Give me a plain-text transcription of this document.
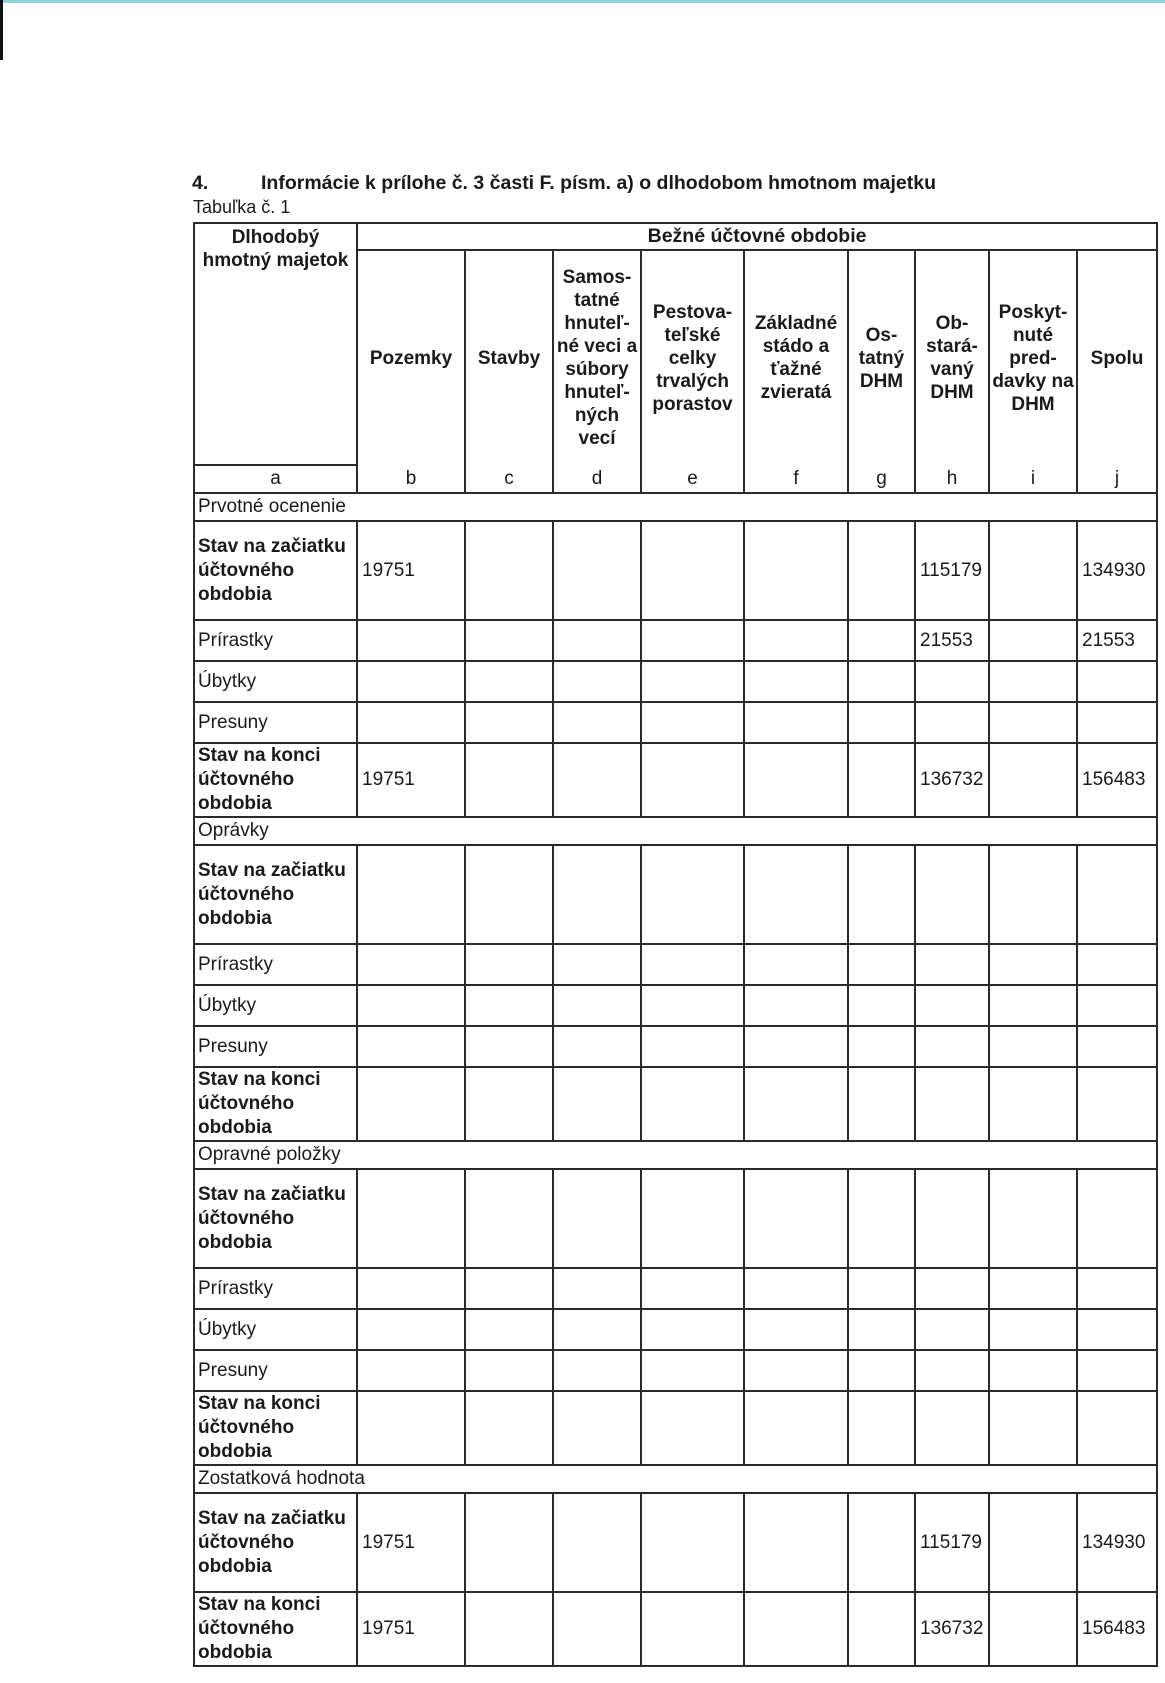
4.	Informácie k prílohe č. 3 časti F. písm. a) o dlhodobom hmotnom majetku
Tabuľka č. 1
Dlhodobý hmotný majetok	Bežné účtovné obdobie								
	Pozemky	Stavby	Samos-tatné hnuteľ-né veci a súbory hnuteľ-ných vecí	Pestova-teľské celky trvalých porastov	Základné stádo a ťažné zvieratá	Os-tatný DHM	Ob-stará-vaný DHM	Poskyt-nuté pred-davky na DHM	Spolu
a	b	c	d	e	f	g	h	i	j
Prvotné ocenenie									
Stav na začiatku účtovného obdobia	19751						115179		134930
Prírastky							21553		21553
Úbytky									
Presuny									
Stav na konci účtovného obdobia	19751						136732		156483
Oprávky									
Stav na začiatku účtovného obdobia									
Prírastky									
Úbytky									
Presuny									
Stav na konci účtovného obdobia									
Opravné položky									
Stav na začiatku účtovného obdobia									
Prírastky									
Úbytky									
Presuny									
Stav na konci účtovného obdobia									
Zostatková hodnota									
Stav na začiatku účtovného obdobia	19751						115179		134930
Stav na konci účtovného obdobia	19751						136732		156483
